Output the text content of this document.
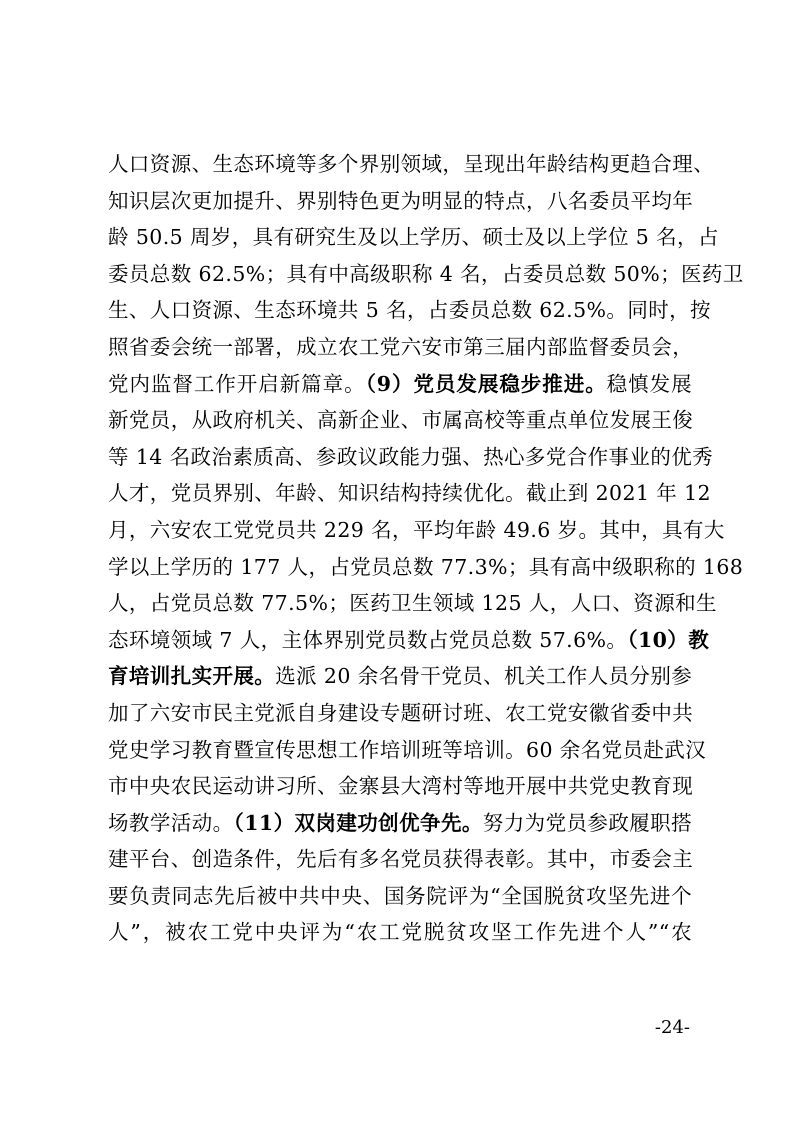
人口资源、生态环境等多个界别领域，呈现出年龄结构更趋合理、
知识层次更加提升、界别特色更为明显的特点，八名委员平均年
龄 50.5 周岁，具有研究生及以上学历、硕士及以上学位 5 名，占
委员总数 62.5%；具有中高级职称 4 名，占委员总数 50%；医药卫
生、人口资源、生态环境共 5 名，占委员总数 62.5%。同时，按
照省委会统一部署，成立农工党六安市第三届内部监督委员会，
党内监督工作开启新篇章。（9）党员发展稳步推进。稳慎发展
新党员，从政府机关、高新企业、市属高校等重点单位发展王俊
等 14 名政治素质高、参政议政能力强、热心多党合作事业的优秀
人才，党员界别、年龄、知识结构持续优化。截止到 2021 年 12
月，六安农工党党员共 229 名，平均年龄 49.6 岁。其中，具有大
学以上学历的 177 人，占党员总数 77.3%；具有高中级职称的 168
人，占党员总数 77.5%；医药卫生领域 125 人，人口、资源和生
态环境领域 7 人，主体界别党员数占党员总数 57.6%。（10）教
育培训扎实开展。选派 20 余名骨干党员、机关工作人员分别参
加了六安市民主党派自身建设专题研讨班、农工党安徽省委中共
党史学习教育暨宣传思想工作培训班等培训。60 余名党员赴武汉
市中央农民运动讲习所、金寨县大湾村等地开展中共党史教育现
场教学活动。（11）双岗建功创优争先。努力为党员参政履职搭
建平台、创造条件，先后有多名党员获得表彰。其中，市委会主
要负责同志先后被中共中央、国务院评为“全国脱贫攻坚先进个
人”，被农工党中央评为“农工党脱贫攻坚工作先进个人”“农
-24-
